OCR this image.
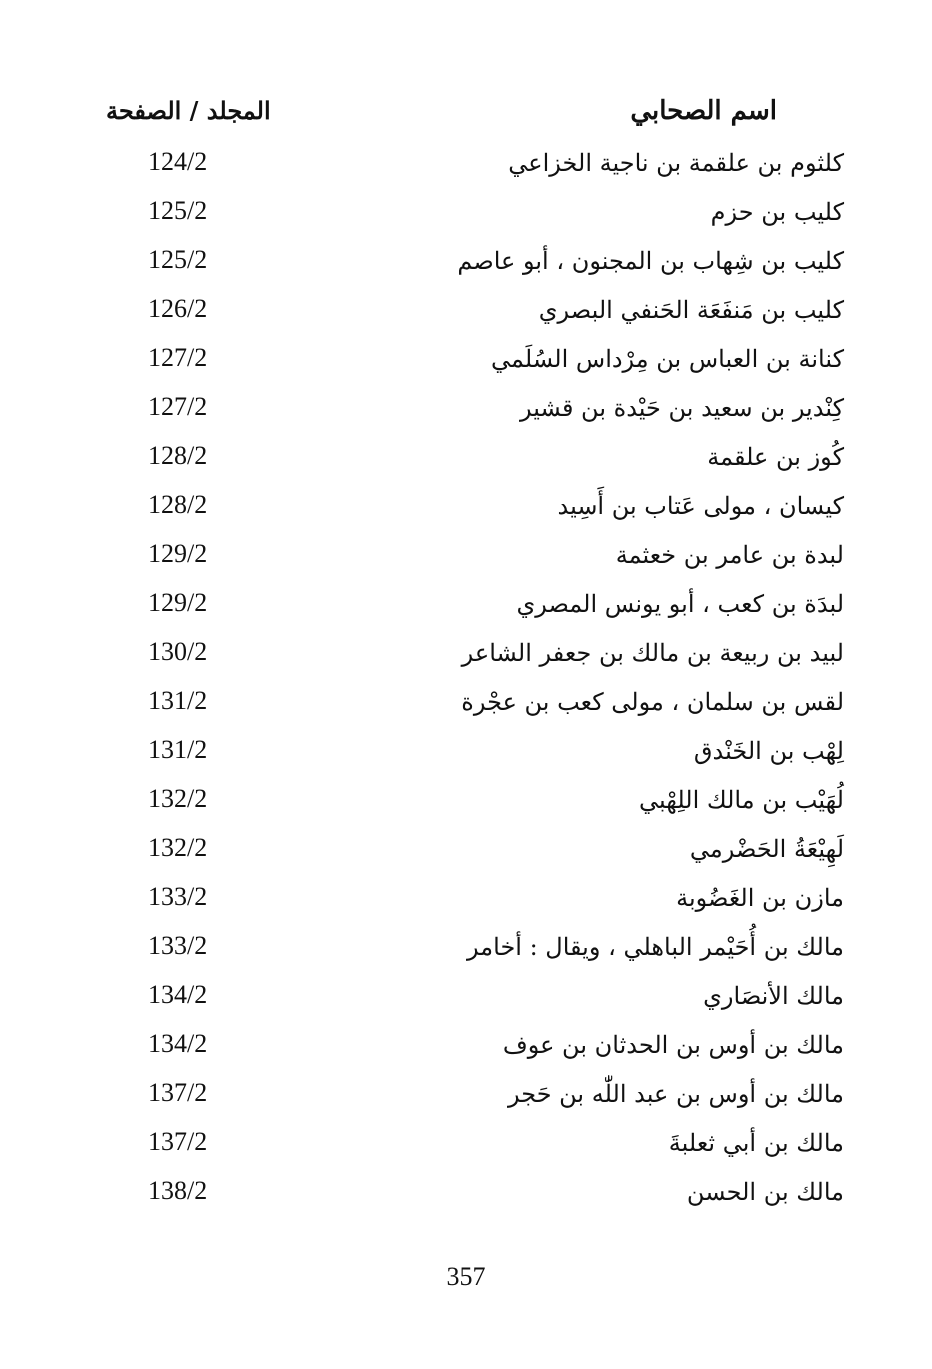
اسم الصحابي
المجلد / الصفحة
كلثوم بن علقمة بن ناجية الخزاعي
124/2
كليب بن حزم
125/2
كليب بن شِهاب بن المجنون ، أبو عاصم
125/2
كليب بن مَنفَعَة الحَنفي البصري
126/2
كنانة بن العباس بن مِرْداس السُلَمي
127/2
كِنْدير بن سعيد بن حَيْدة بن قشير
127/2
كُوز بن علقمة
128/2
كيسان ، مولى عَتاب بن أَسِيد
128/2
لبدة بن عامر بن خعثمة
129/2
لبدَة بن كعب ، أبو يونس المصري
129/2
لبيد بن ربيعة بن مالك بن جعفر الشاعر
130/2
لقس بن سلمان ، مولى كعب بن عجْرة
131/2
لِهْب بن الخَنْدق
131/2
لُهَيْب بن مالك اللِهْبي
132/2
لَهِيْعَةُ الحَضْرمي
132/2
مازن بن الغَضُوبة
133/2
مالك بن أُحَيْمر الباهلي ، ويقال : أخامر
133/2
مالك الأنصَاري
134/2
مالك بن أوس بن الحدثان بن عوف
134/2
مالك بن أوس بن عبد اللّٰه بن حَجر
137/2
مالك بن أبي ثعلبةَ
137/2
مالك بن الحسن
138/2
357
